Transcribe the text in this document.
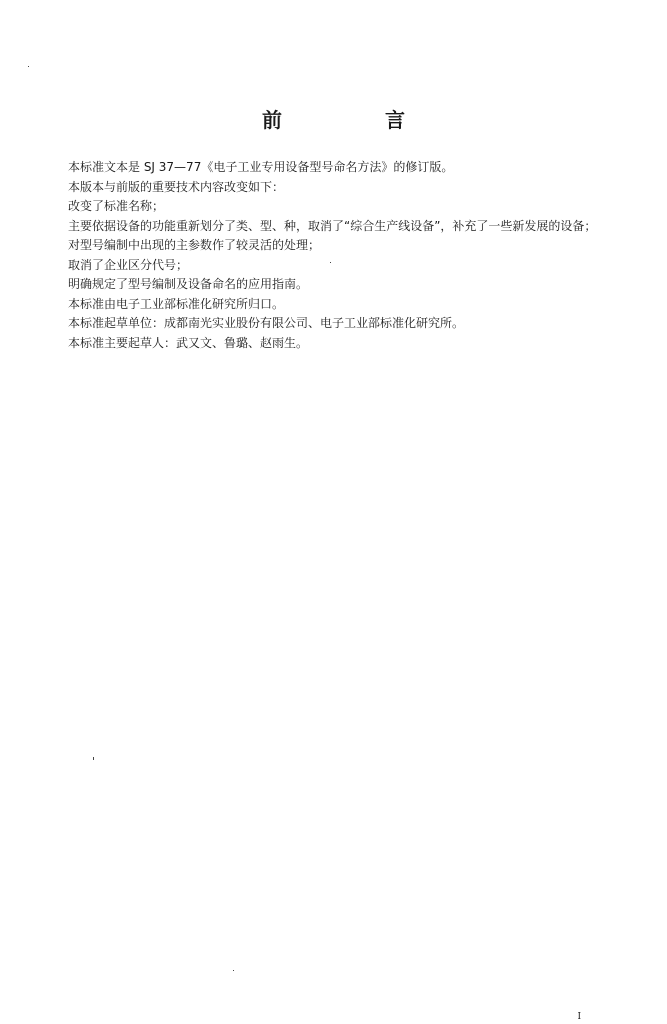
前 言

本标准文本是 SJ 37—77《电子工业专用设备型号命名方法》的修订版。

本版本与前版的重要技术内容改变如下：

改变了标准名称；

主要依据设备的功能重新划分了类、型、种，取消了“综合生产线设备”，补充了一些新发展的设备；

对型号编制中出现的主参数作了较灵活的处理；

取消了企业区分代号；

明确规定了型号编制及设备命名的应用指南。

本标准由电子工业部标准化研究所归口。

本标准起草单位：成都南光实业股份有限公司、电子工业部标准化研究所。

本标准主要起草人：武又文、鲁璐、赵雨生。

I
